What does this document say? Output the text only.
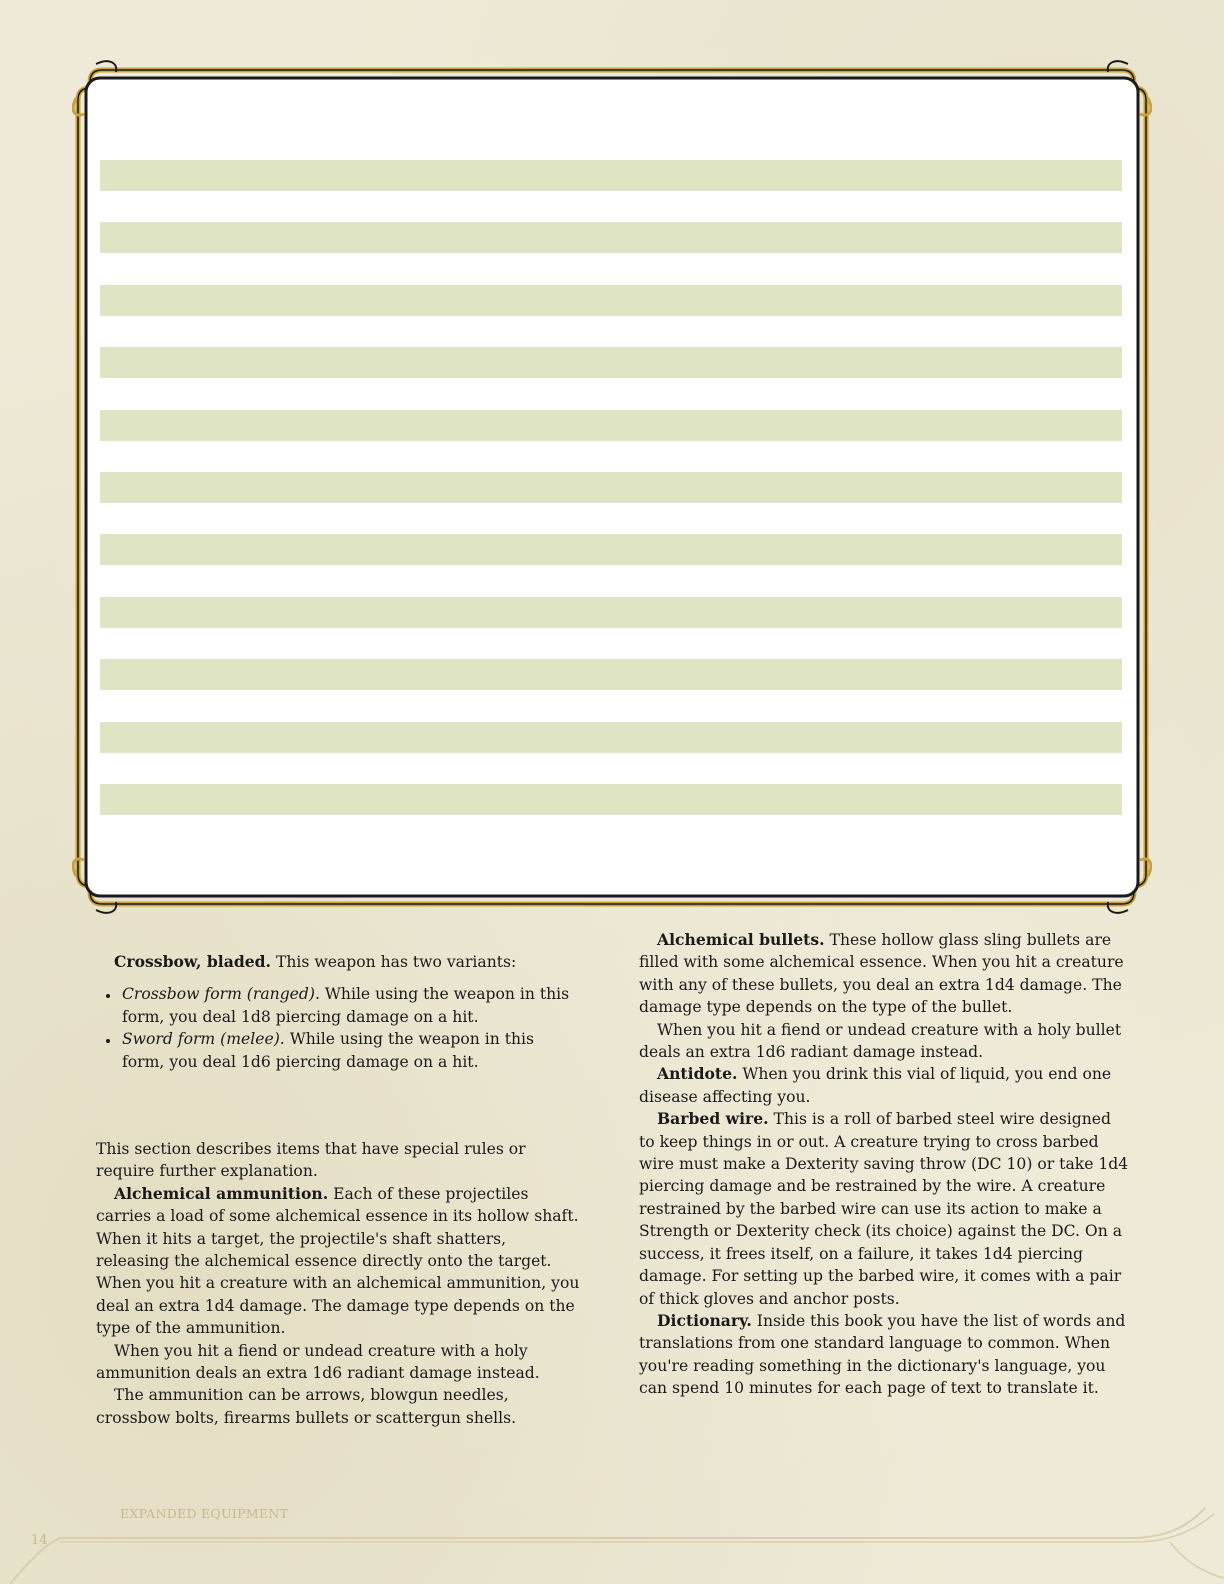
Crossbow, bladed. This weapon has two variants:

• Crossbow form (ranged). While using the weapon in this form, you deal 1d8 piercing damage on a hit.
• Sword form (melee). While using the weapon in this form, you deal 1d6 piercing damage on a hit.

This section describes items that have special rules or require further explanation.

Alchemical ammunition. Each of these projectiles carries a load of some alchemical essence in its hollow shaft. When it hits a target, the projectile's shaft shatters, releasing the alchemical essence directly onto the target. When you hit a creature with an alchemical ammunition, you deal an extra 1d4 damage. The damage type depends on the type of the ammunition.

When you hit a fiend or undead creature with a holy ammunition deals an extra 1d6 radiant damage instead.

The ammunition can be arrows, blowgun needles, crossbow bolts, firearms bullets or scattergun shells.

Alchemical bullets. These hollow glass sling bullets are filled with some alchemical essence. When you hit a creature with any of these bullets, you deal an extra 1d4 damage. The damage type depends on the type of the bullet.

When you hit a fiend or undead creature with a holy bullet deals an extra 1d6 radiant damage instead.

Antidote. When you drink this vial of liquid, you end one disease affecting you.

Barbed wire. This is a roll of barbed steel wire designed to keep things in or out. A creature trying to cross barbed wire must make a Dexterity saving throw (DC 10) or take 1d4 piercing damage and be restrained by the wire. A creature restrained by the barbed wire can use its action to make a Strength or Dexterity check (its choice) against the DC. On a success, it frees itself, on a failure, it takes 1d4 piercing damage. For setting up the barbed wire, it comes with a pair of thick gloves and anchor posts.

Dictionary. Inside this book you have the list of words and translations from one standard language to common. When you're reading something in the dictionary's language, you can spend 10 minutes for each page of text to translate it.

EXPANDED EQUIPMENT
14
